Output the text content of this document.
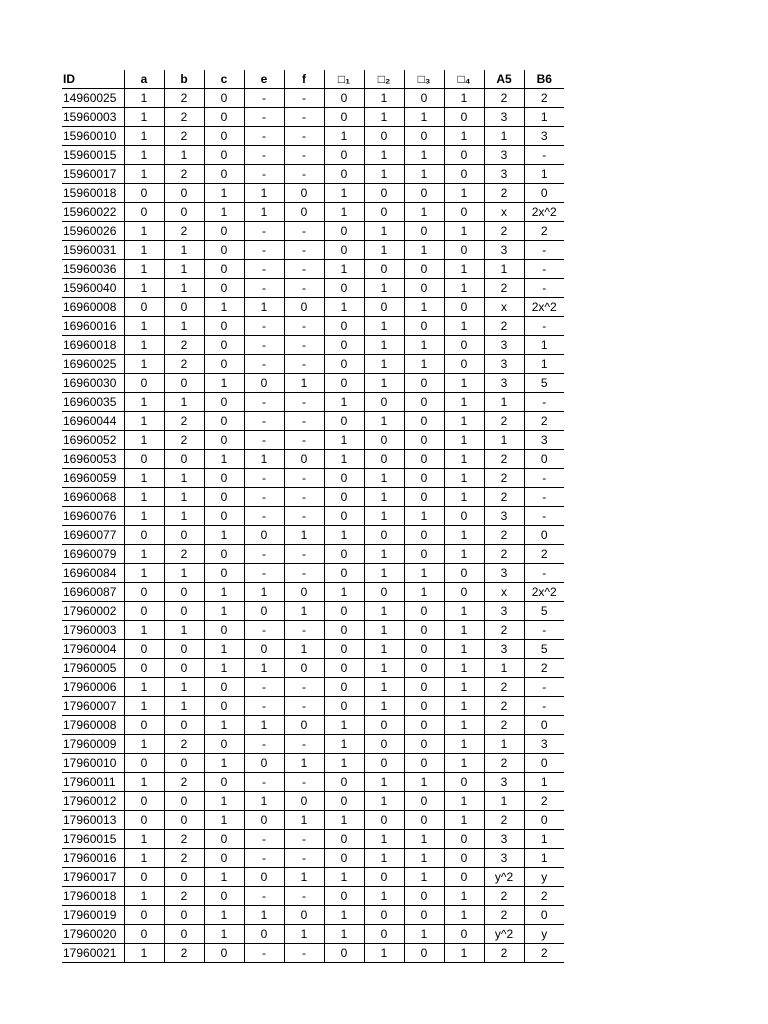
ID	a	b	c	e	f	□₁	□₂	□₃	□₄	A5	B6
14960025	1	2	0	-	-	0	1	0	1	2	2
15960003	1	2	0	-	-	0	1	1	0	3	1
15960010	1	2	0	-	-	1	0	0	1	1	3
15960015	1	1	0	-	-	0	1	1	0	3	-
15960017	1	2	0	-	-	0	1	1	0	3	1
15960018	0	0	1	1	0	1	0	0	1	2	0
15960022	0	0	1	1	0	1	0	1	0	x	2x^2
15960026	1	2	0	-	-	0	1	0	1	2	2
15960031	1	1	0	-	-	0	1	1	0	3	-
15960036	1	1	0	-	-	1	0	0	1	1	-
15960040	1	1	0	-	-	0	1	0	1	2	-
16960008	0	0	1	1	0	1	0	1	0	x	2x^2
16960016	1	1	0	-	-	0	1	0	1	2	-
16960018	1	2	0	-	-	0	1	1	0	3	1
16960025	1	2	0	-	-	0	1	1	0	3	1
16960030	0	0	1	0	1	0	1	0	1	3	5
16960035	1	1	0	-	-	1	0	0	1	1	-
16960044	1	2	0	-	-	0	1	0	1	2	2
16960052	1	2	0	-	-	1	0	0	1	1	3
16960053	0	0	1	1	0	1	0	0	1	2	0
16960059	1	1	0	-	-	0	1	0	1	2	-
16960068	1	1	0	-	-	0	1	0	1	2	-
16960076	1	1	0	-	-	0	1	1	0	3	-
16960077	0	0	1	0	1	1	0	0	1	2	0
16960079	1	2	0	-	-	0	1	0	1	2	2
16960084	1	1	0	-	-	0	1	1	0	3	-
16960087	0	0	1	1	0	1	0	1	0	x	2x^2
17960002	0	0	1	0	1	0	1	0	1	3	5
17960003	1	1	0	-	-	0	1	0	1	2	-
17960004	0	0	1	0	1	0	1	0	1	3	5
17960005	0	0	1	1	0	0	1	0	1	1	2
17960006	1	1	0	-	-	0	1	0	1	2	-
17960007	1	1	0	-	-	0	1	0	1	2	-
17960008	0	0	1	1	0	1	0	0	1	2	0
17960009	1	2	0	-	-	1	0	0	1	1	3
17960010	0	0	1	0	1	1	0	0	1	2	0
17960011	1	2	0	-	-	0	1	1	0	3	1
17960012	0	0	1	1	0	0	1	0	1	1	2
17960013	0	0	1	0	1	1	0	0	1	2	0
17960015	1	2	0	-	-	0	1	1	0	3	1
17960016	1	2	0	-	-	0	1	1	0	3	1
17960017	0	0	1	0	1	1	0	1	0	y^2	y
17960018	1	2	0	-	-	0	1	0	1	2	2
17960019	0	0	1	1	0	1	0	0	1	2	0
17960020	0	0	1	0	1	1	0	1	0	y^2	y
17960021	1	2	0	-	-	0	1	0	1	2	2
